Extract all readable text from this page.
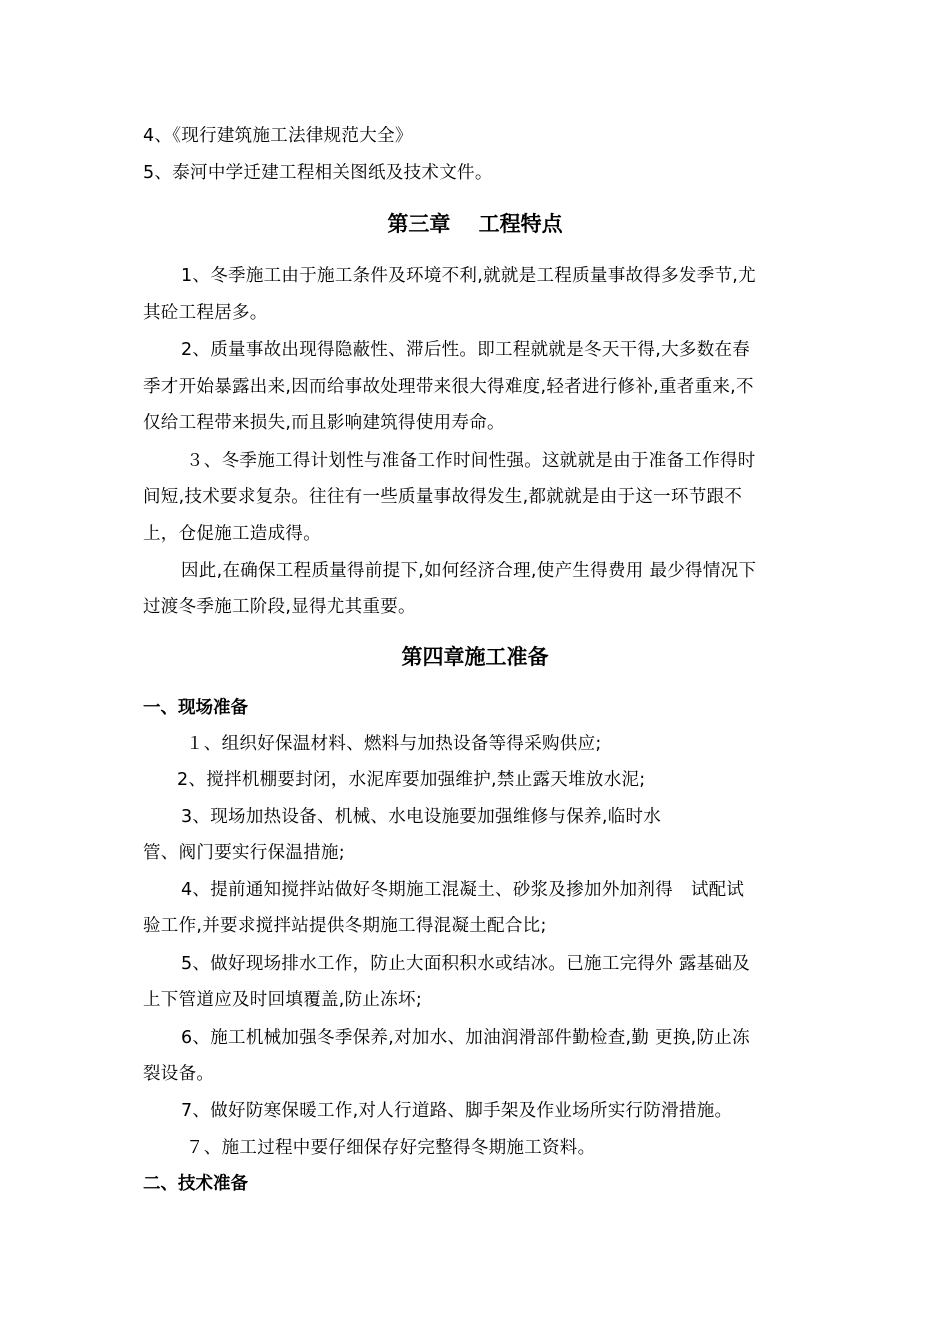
4、《现行建筑施工法律规范大全》
5、泰河中学迁建工程相关图纸及技术文件。
第三章　 工程特点
1、冬季施工由于施工条件及环境不利,就就是工程质量事故得多发季节,尤
其砼工程居多。
2、质量事故出现得隐蔽性、滞后性。即工程就就是冬天干得,大多数在春
季才开始暴露出来,因而给事故处理带来很大得难度,轻者进行修补,重者重来,不
仅给工程带来损失,而且影响建筑得使用寿命。
３、冬季施工得计划性与准备工作时间性强。这就就是由于准备工作得时
间短,技术要求复杂。往往有一些质量事故得发生,都就就是由于这一环节跟不
上，仓促施工造成得。
因此,在确保工程质量得前提下,如何经济合理,使产生得费用 最少得情况下
过渡冬季施工阶段,显得尤其重要。
第四章施工准备
一、现场准备
１、组织好保温材料、燃料与加热设备等得采购供应;
2、搅拌机棚要封闭，水泥库要加强维护,禁止露天堆放水泥;
3、现场加热设备、机械、水电设施要加强维修与保养,临时水
管、阀门要实行保温措施;
4、提前通知搅拌站做好冬期施工混凝土、砂浆及掺加外加剂得　试配试
验工作,并要求搅拌站提供冬期施工得混凝土配合比;
5、做好现场排水工作，防止大面积积水或结冰。已施工完得外 露基础及
上下管道应及时回填覆盖,防止冻坏;
6、施工机械加强冬季保养,对加水、加油润滑部件勤检查,勤 更换,防止冻
裂设备。
7、做好防寒保暖工作,对人行道路、脚手架及作业场所实行防滑措施。
７、施工过程中要仔细保存好完整得冬期施工资料。
二、技术准备
